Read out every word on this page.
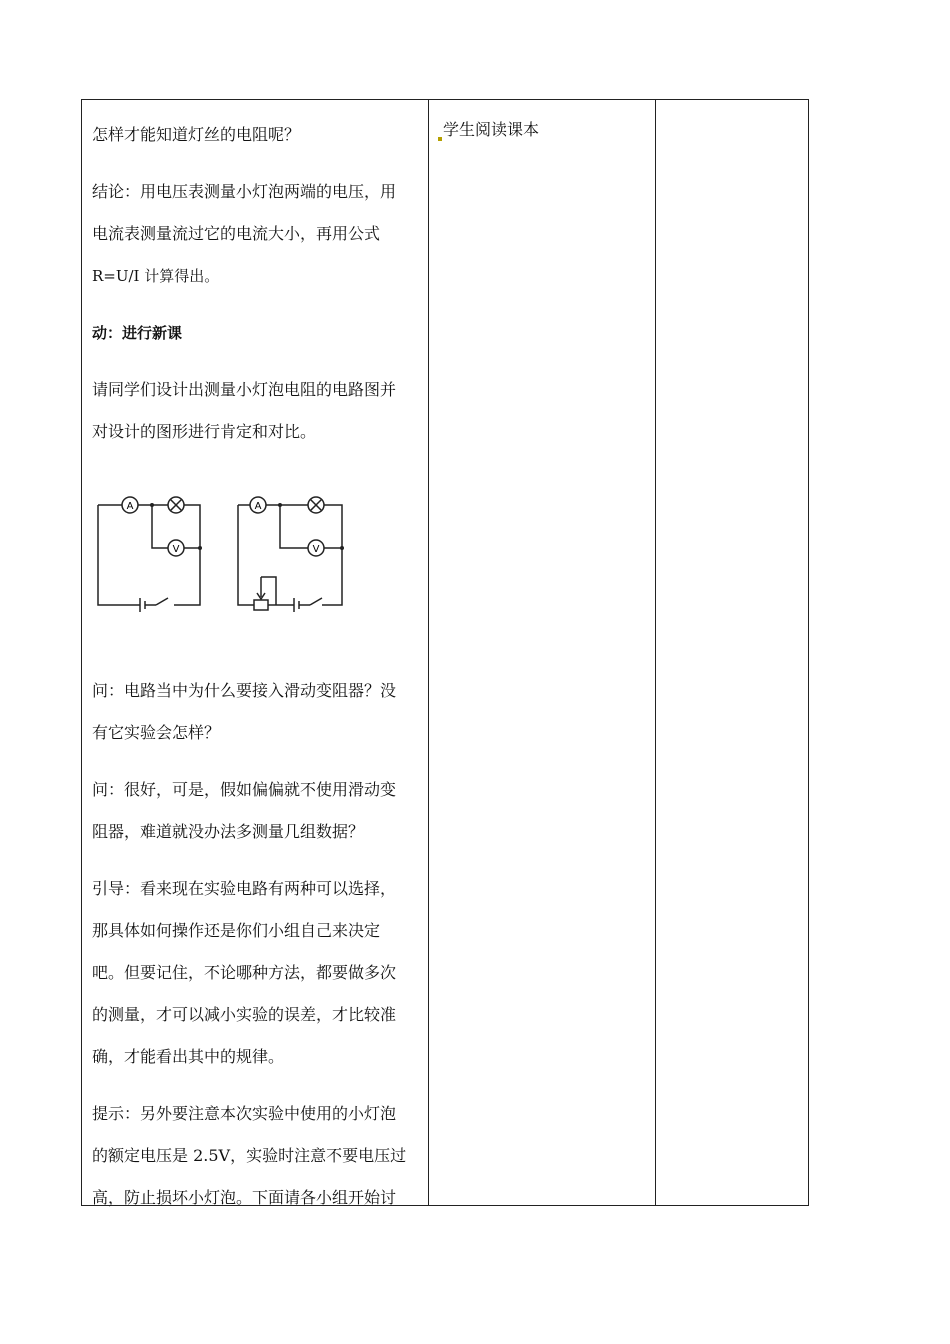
怎样才能知道灯丝的电阻呢？

结论：用电压表测量小灯泡两端的电压，用

电流表测量流过它的电流大小，再用公式

R=U/I 计算得出。

动：进行新课

请同学们设计出测量小灯泡电阻的电路图并

对设计的图形进行肯定和对比。

A
V
A
V

问：电路当中为什么要接入滑动变阻器？没

有它实验会怎样？

问：很好，可是，假如偏偏就不使用滑动变

阻器，难道就没办法多测量几组数据？

引导：看来现在实验电路有两种可以选择，

那具体如何操作还是你们小组自己来决定

吧。但要记住，不论哪种方法，都要做多次

的测量，才可以减小实验的误差，才比较准

确，才能看出其中的规律。

提示：另外要注意本次实验中使用的小灯泡

的额定电压是 2.5V，实验时注意不要电压过

高，防止损坏小灯泡。下面请各小组开始讨

学生阅读课本
